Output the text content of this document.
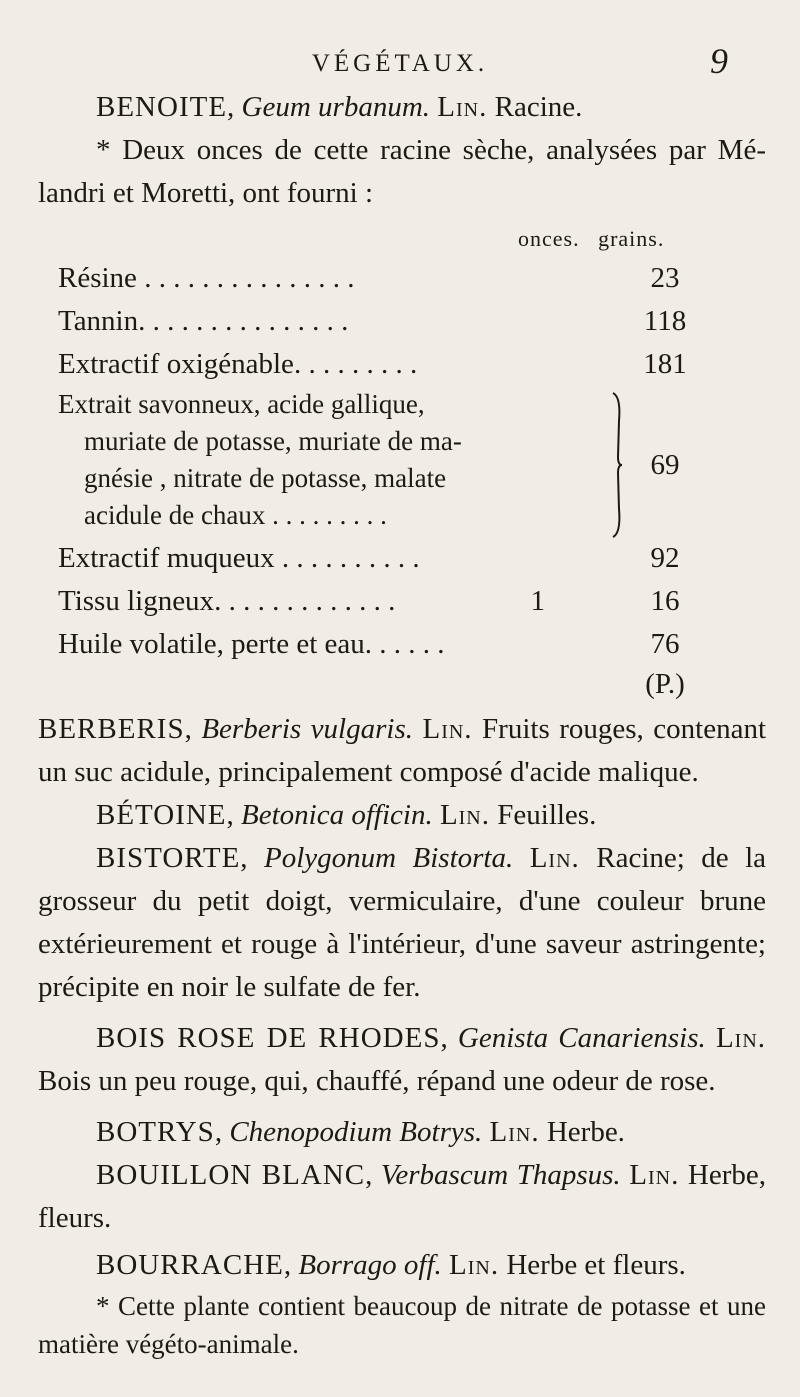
VÉGÉTAUX.	9

BENOITE, Geum urbanum. Lin. Racine.

* Deux onces de cette racine sèche, analysées par Mé-landri et Moretti, ont fourni :

onces. grains.
Résine . . . . . . . . . . . . . . .	23
Tannin. . . . . . . . . . . . . . .	118
Extractif oxigénable. . . . . . . . .	181
Extrait savonneux, acide gallique,
muriate de potasse, muriate de ma-
gnésie , nitrate de potasse, malate
acidule de chaux . . . . . . . . .
69
Extractif muqueux . . . . . . . . . .	92
Tissu ligneux. . . . . . . . . . . . .	1	16
Huile volatile, perte et eau. . . . . .	76
(P.)

BERBERIS, Berberis vulgaris. Lin. Fruits rouges, contenant un suc acidule, principalement composé d'acide malique.

BÉTOINE, Betonica officin. Lin. Feuilles.

BISTORTE, Polygonum Bistorta. Lin. Racine; de la grosseur du petit doigt, vermiculaire, d'une couleur brune extérieurement et rouge à l'intérieur, d'une saveur astringente; précipite en noir le sulfate de fer.

BOIS ROSE DE RHODES, Genista Canariensis. Lin. Bois un peu rouge, qui, chauffé, répand une odeur de rose.

BOTRYS, Chenopodium Botrys. Lin. Herbe.

BOUILLON BLANC, Verbascum Thapsus. Lin. Herbe, fleurs.

BOURRACHE, Borrago off. Lin. Herbe et fleurs.

* Cette plante contient beaucoup de nitrate de potasse et une matière végéto-animale.
